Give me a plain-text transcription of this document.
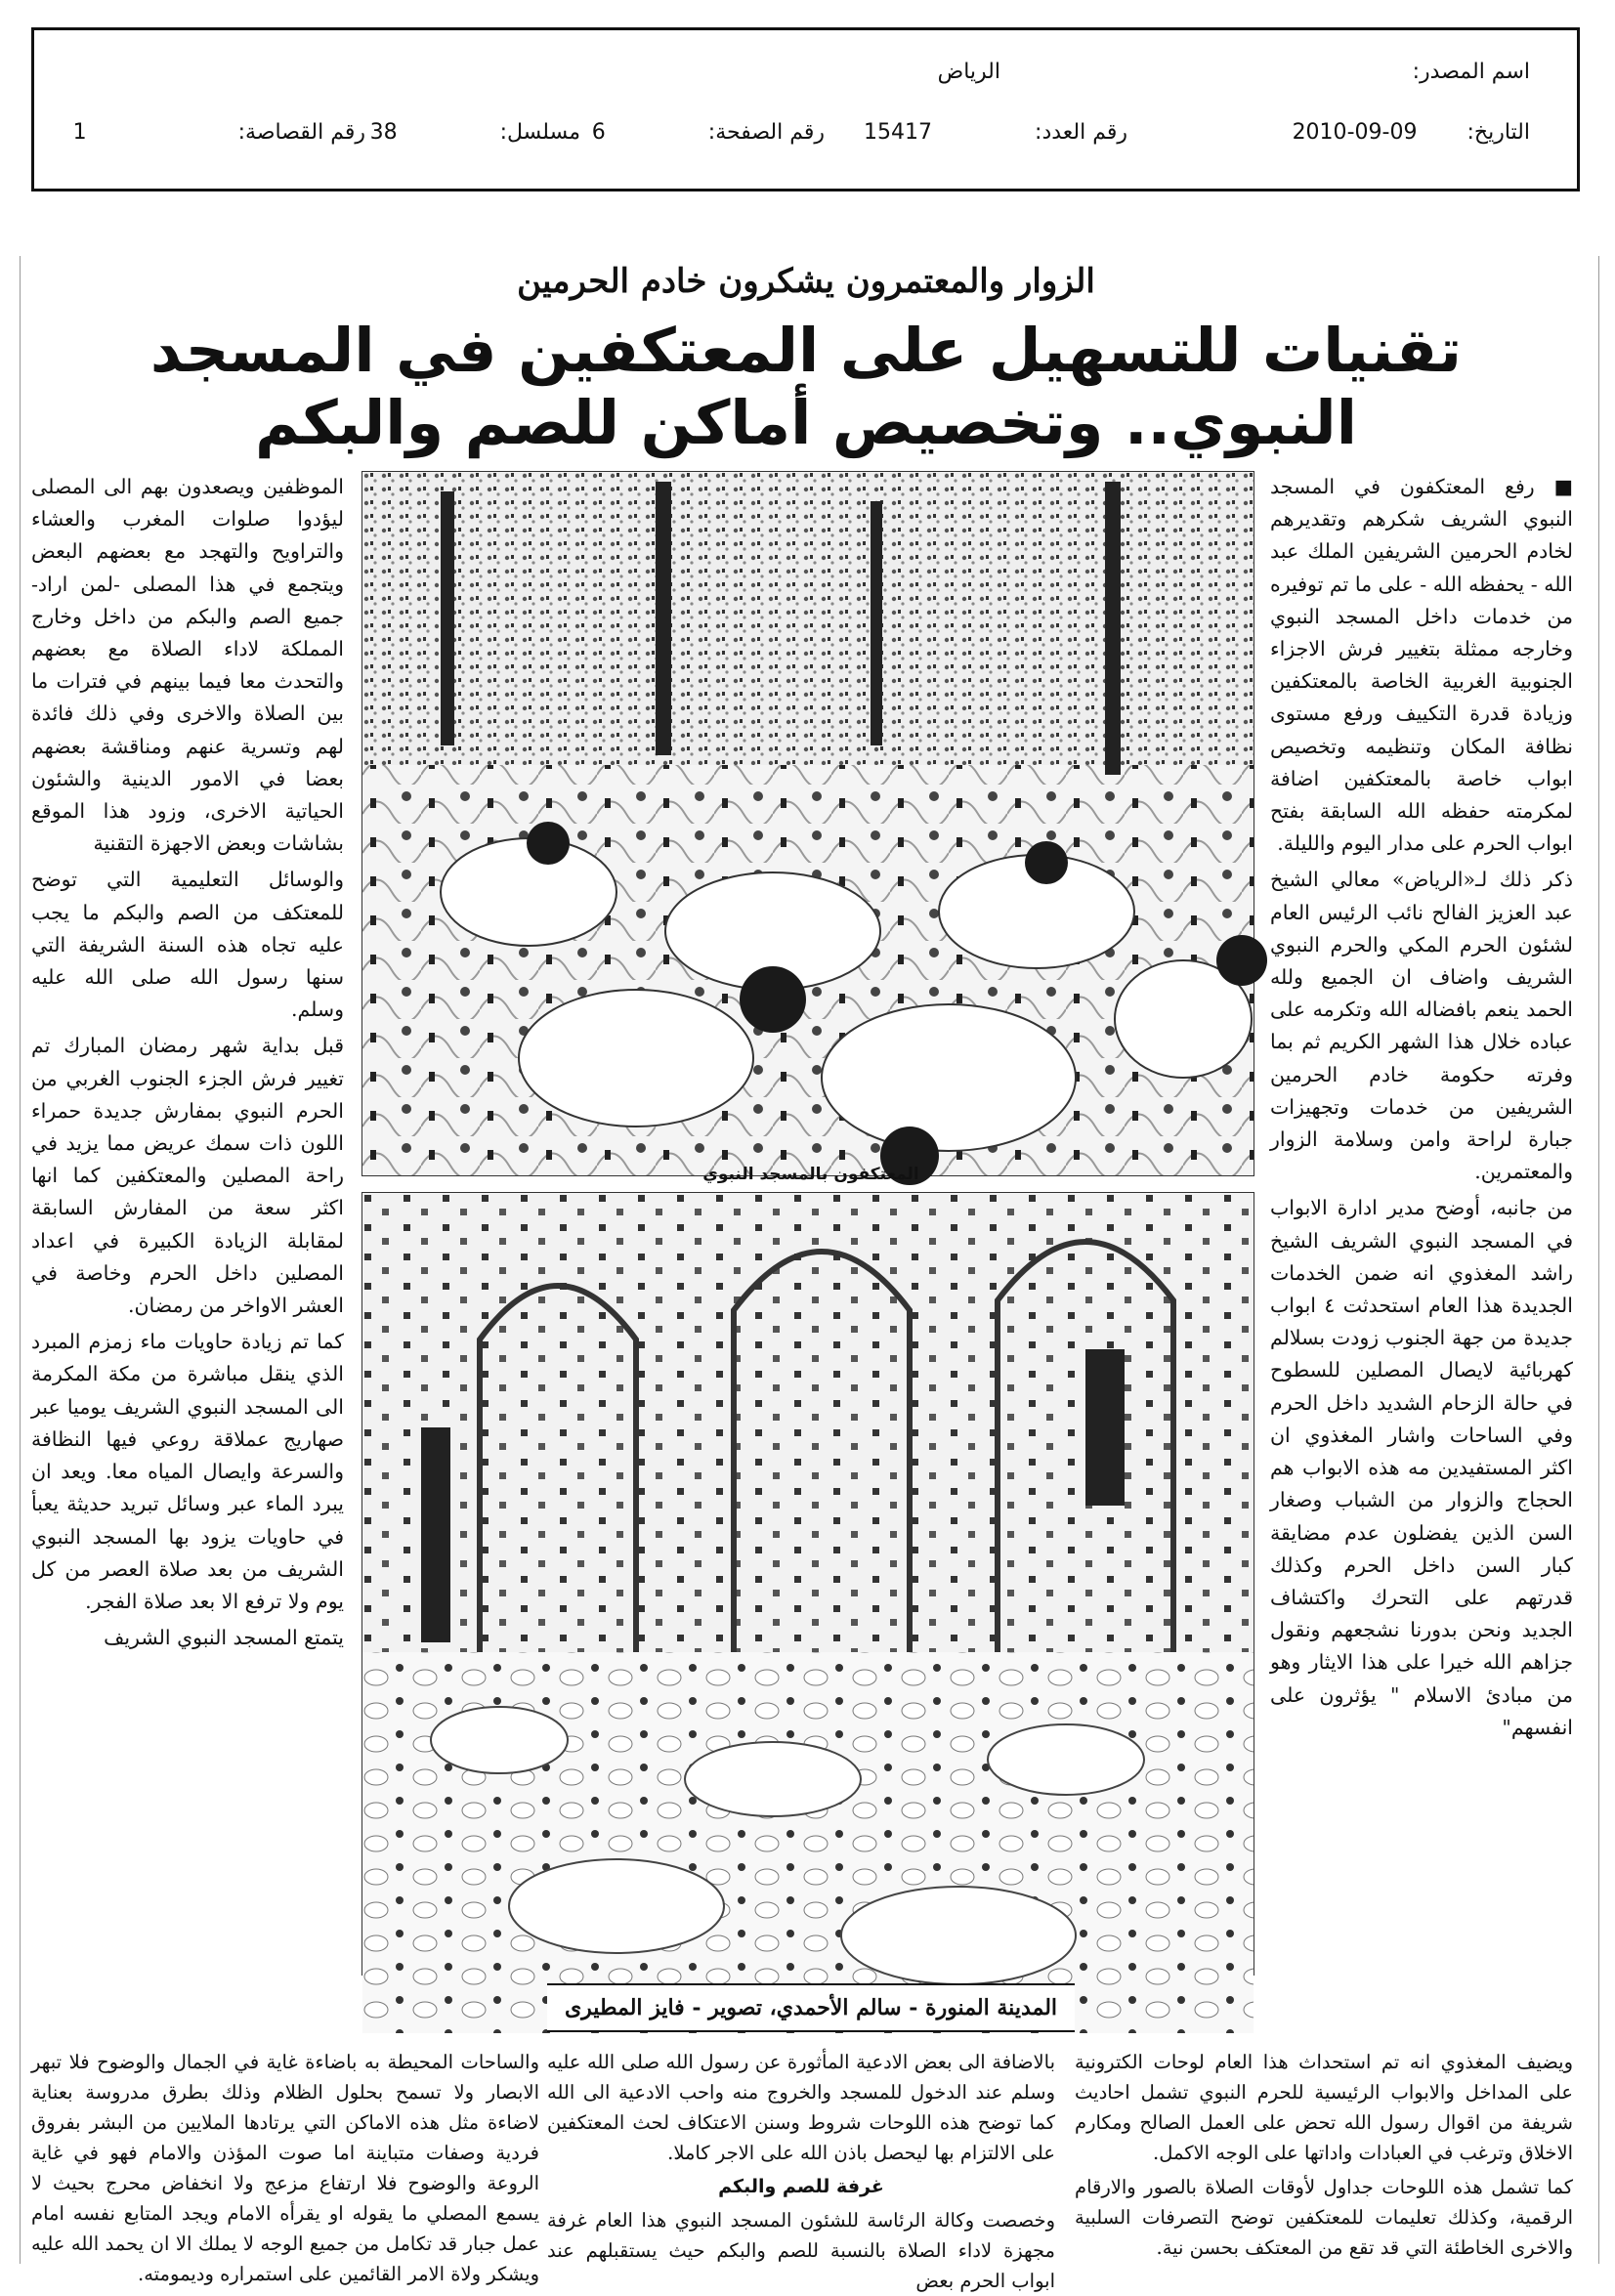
اسم المصدر:
الرياض
التاريخ: 09-09-2010
رقم العدد: 15417
رقم الصفحة: 6
مسلسل: 38
رقم القصاصة: 1
الزوار والمعتمرون يشكرون خادم الحرمين
تقنيات للتسهيل على المعتكفين في المسجد النبوي.. وتخصيص أماكن للصم والبكم

■ رفع المعتكفون في المسجد النبوي الشريف شكرهم وتقديرهم لخادم الحرمين الشريفين الملك عبد الله - يحفظه الله - على ما تم توفيره من خدمات داخل المسجد النبوي وخارجه ممثلة بتغيير فرش الاجزاء الجنوبية الغربية الخاصة بالمعتكفين وزيادة قدرة التكييف ورفع مستوى نظافة المكان وتنظيمه وتخصيص ابواب خاصة بالمعتكفين اضافة لمكرمته حفظه الله السابقة بفتح ابواب الحرم على مدار اليوم والليلة.

ذكر ذلك لـ«الرياض» معالي الشيخ عبد العزيز الفالح نائب الرئيس العام لشئون الحرم المكي والحرم النبوي الشريف واضاف ان الجميع ولله الحمد ينعم بافضاله الله وتكرمه على عباده خلال هذا الشهر الكريم ثم بما وفرته حكومة خادم الحرمين الشريفين من خدمات وتجهيزات جبارة لراحة وامن وسلامة الزوار والمعتمرين.

من جانبه، أوضح مدير ادارة الابواب في المسجد النبوي الشريف الشيخ راشد المغذوي انه ضمن الخدمات الجديدة هذا العام استحدثت ٤ ابواب جديدة من جهة الجنوب زودت بسلالم كهربائية لايصال المصلين للسطوح في حالة الزحام الشديد داخل الحرم وفي الساحات واشار المغذوي ان اكثر المستفيدين مه هذه الابواب هم الحجاج والزوار من الشباب وصغار السن الذين يفضلون عدم مضايقة كبار السن داخل الحرم وكذلك قدرتهم على التحرك واكتشاف الجديد ونحن بدورنا نشجعهم ونقول جزاهم الله خيرا على هذا الايثار وهو من مبادئ الاسلام " يؤثرون على انفسهم"

الموظفين ويصعدون بهم الى المصلى ليؤدوا صلوات المغرب والعشاء والتراويح والتهجد مع بعضهم البعض ويتجمع في هذا المصلى -لمن اراد- جميع الصم والبكم من داخل وخارج المملكة لاداء الصلاة مع بعضهم والتحدث معا فيما بينهم في فترات ما بين الصلاة والاخرى وفي ذلك فائدة لهم وتسرية عنهم ومناقشة بعضهم بعضا في الامور الدينية والشئون الحياتية الاخرى، وزود هذا الموقع بشاشات وبعض الاجهزة التقنية

والوسائل التعليمية التي توضح للمعتكف من الصم والبكم ما يجب عليه تجاه هذه السنة الشريفة التي سنها رسول الله صلى الله عليه وسلم.

قبل بداية شهر رمضان المبارك تم تغيير فرش الجزء الجنوب الغربي من الحرم النبوي بمفارش جديدة حمراء اللون ذات سمك عريض مما يزيد في راحة المصلين والمعتكفين كما انها اكثر سعة من المفارش السابقة لمقابلة الزيادة الكبيرة في اعداد المصلين داخل الحرم وخاصة في العشر الاواخر من رمضان.

كما تم زيادة حاويات ماء زمزم المبرد الذي ينقل مباشرة من مكة المكرمة الى المسجد النبوي الشريف يوميا عبر صهاريج عملاقة روعي فيها النظافة والسرعة وايصال المياه معا. ويعد ان يبرد الماء عبر وسائل تبريد حديثة يعبأ في حاويات يزود بها المسجد النبوي الشريف من بعد صلاة العصر من كل يوم ولا ترفع الا بعد صلاة الفجر.

يتمتع المسجد النبوي الشريف

المعتكفون بالمسجد النبوي

ويضيف المغذوي انه تم استحداث هذا العام لوحات الكترونية على المداخل والابواب الرئيسية للحرم النبوي تشمل احاديث شريفة من اقوال رسول الله تحض على العمل الصالح ومكارم الاخلاق وترغب في العبادات واداتها على الوجه الاكمل.

كما تشمل هذه اللوحات جداول لأوقات الصلاة بالصور والارقام الرقمية، وكذلك تعليمات للمعتكفين توضح التصرفات السلبية والاخرى الخاطئة التي قد تقع من المعتكف بحسن نية.

بالاضافة الى بعض الادعية المأثورة عن رسول الله صلى الله عليه وسلم عند الدخول للمسجد والخروج منه واحب الادعية الى الله كما توضح هذه اللوحات شروط وسنن الاعتكاف لحث المعتكفين على الالتزام بها ليحصل باذن الله على الاجر كاملا.

غرفة للصم والبكم

وخصصت وكالة الرئاسة للشئون المسجد النبوي هذا العام غرفة مجهزة لاداء الصلاة بالنسبة للصم والبكم حيث يستقبلهم عند ابواب الحرم بعض

والساحات المحيطة به باضاءة غاية في الجمال والوضوح فلا تبهر الابصار ولا تسمح بحلول الظلام وذلك بطرق مدروسة بعناية لاضاءة مثل هذه الاماكن التي يرتادها الملايين من البشر بفروق فردية وصفات متباينة اما صوت المؤذن والامام فهو في غاية الروعة والوضوح فلا ارتفاع مزعج ولا انخفاض محرج بحيث لا يسمع المصلي ما يقوله او يقرأه الامام ويجد المتابع نفسه امام عمل جبار قد تكامل من جميع الوجه لا يملك الا ان يحمد الله عليه ويشكر ولاة الامر القائمين على استمراره وديمومته.

المدينة المنورة - سالم الأحمدي، تصوير - فايز المطيرى
